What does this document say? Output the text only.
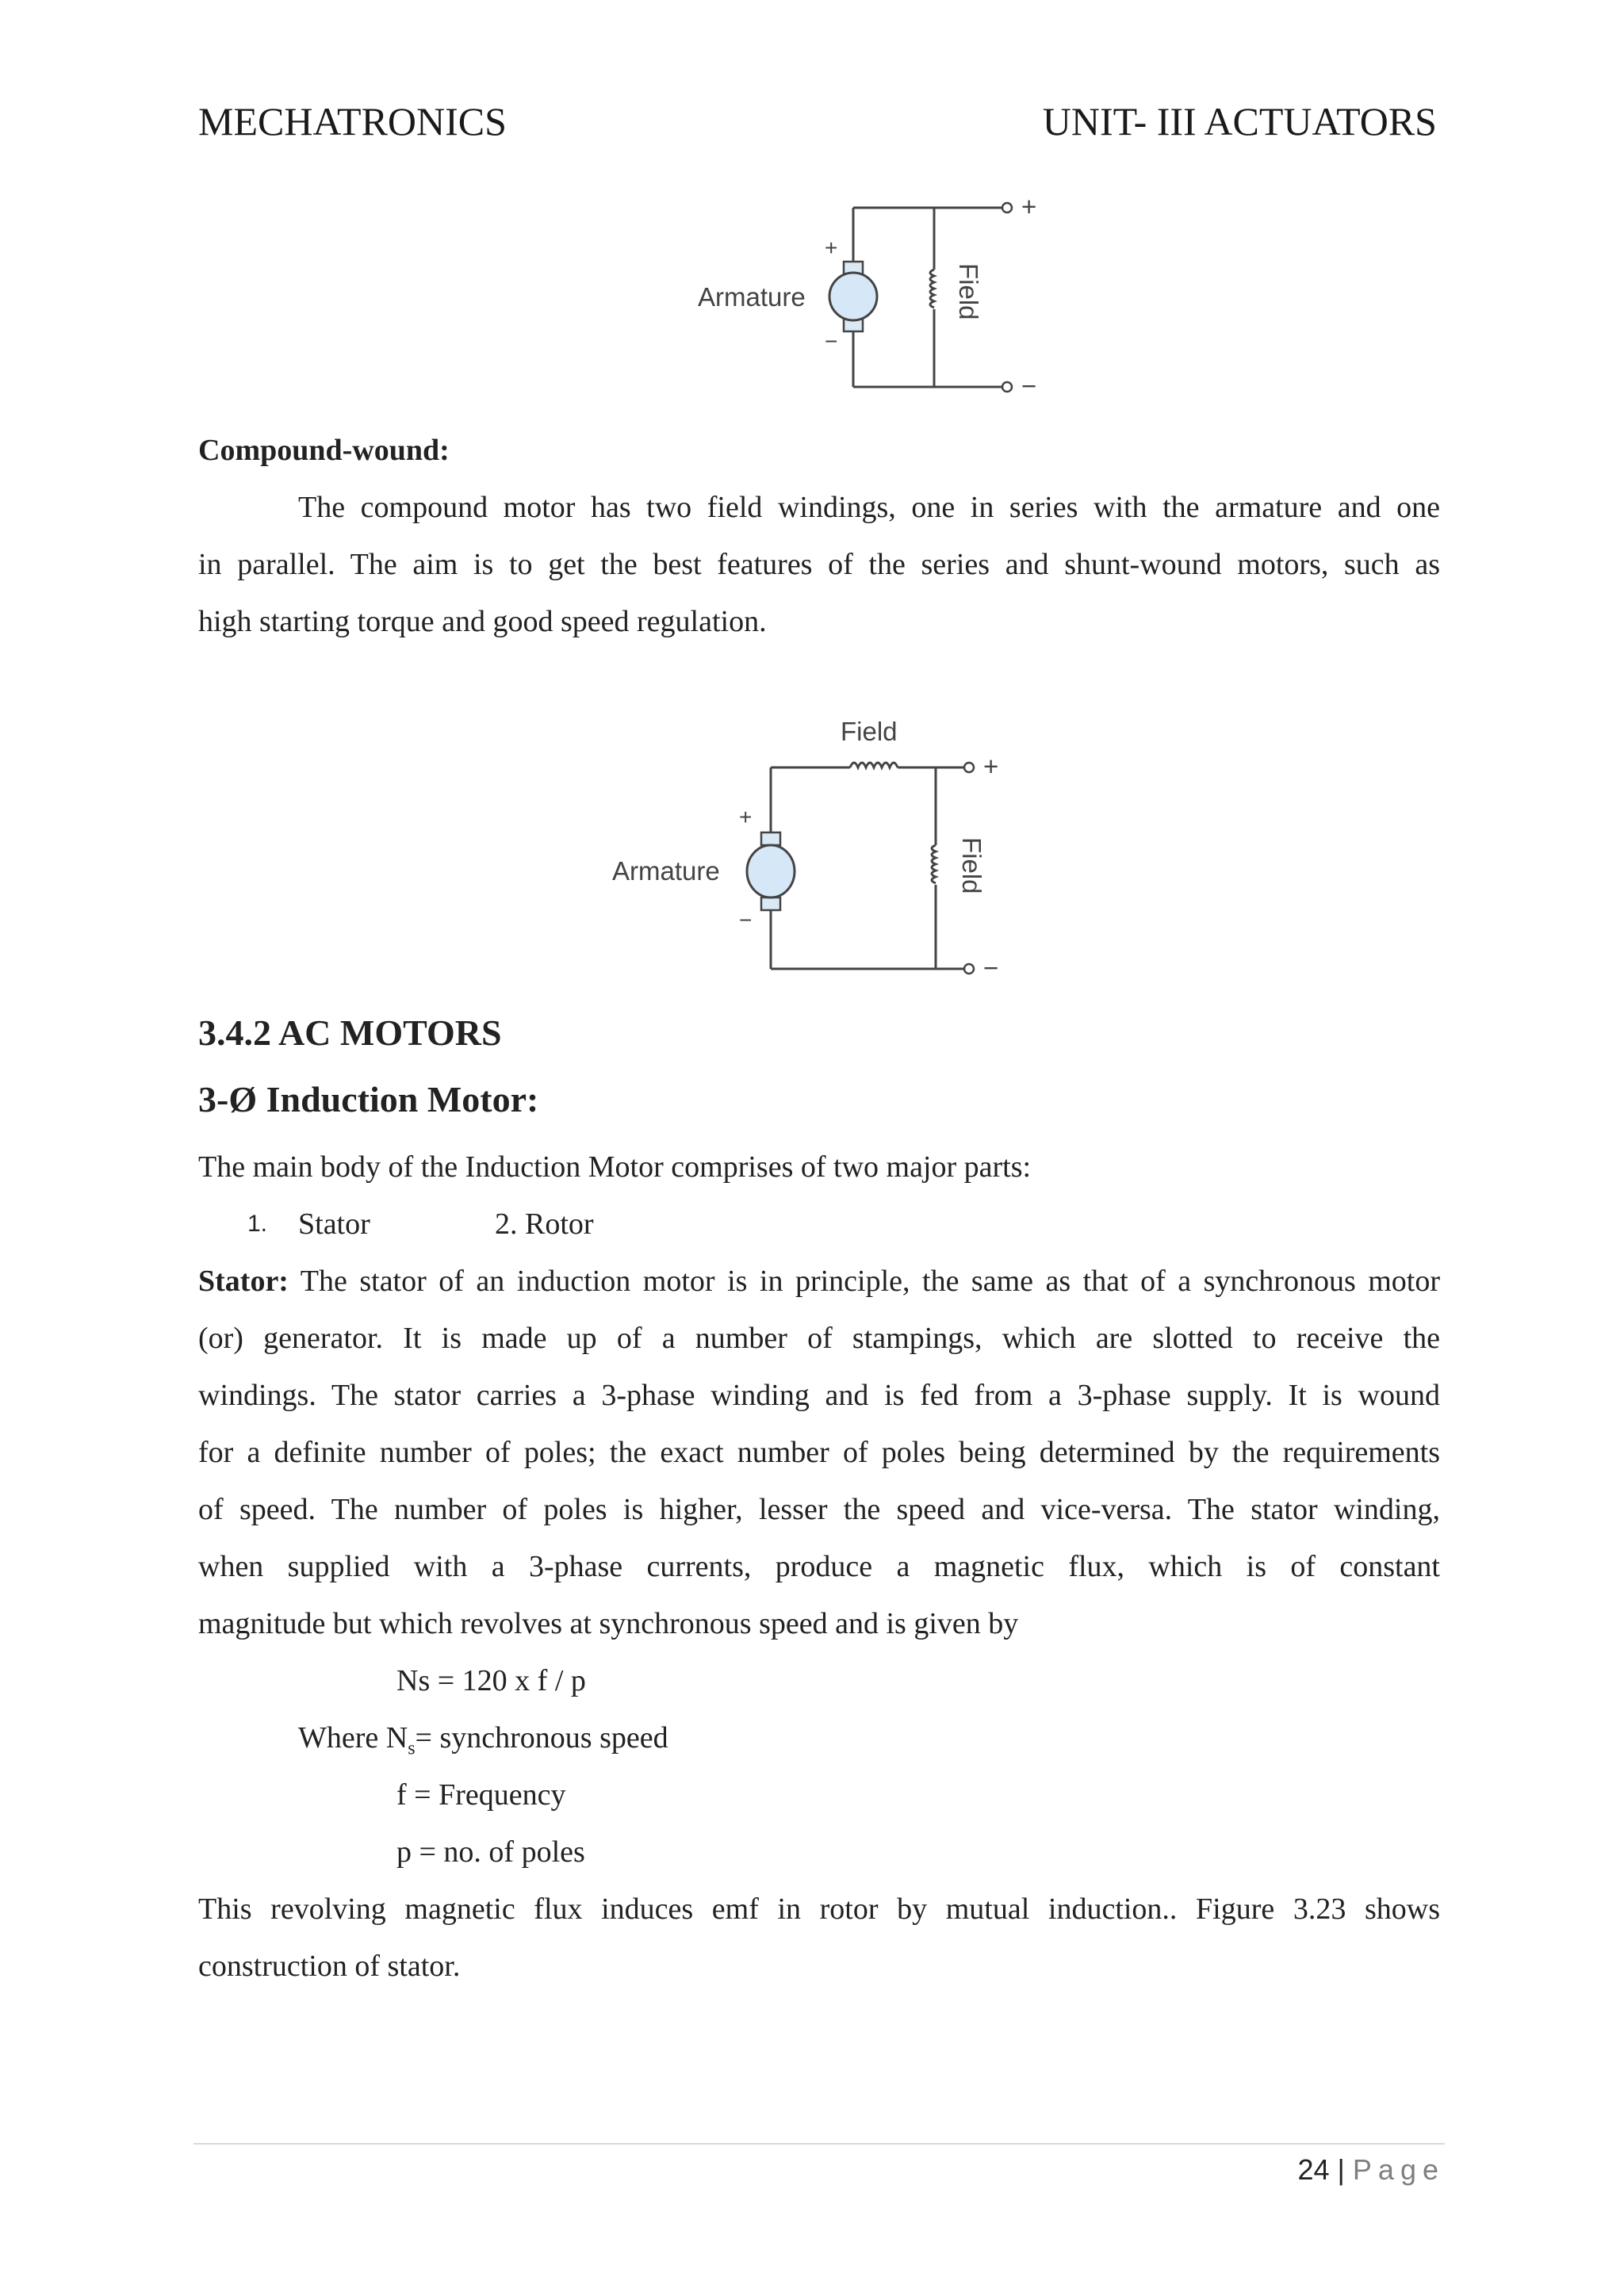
MECHATRONICS	UNIT- III ACTUATORS
+
−
+
−
Armature	Field
Compound-wound:
The compound motor has two field windings, one in series with the armature and one
in parallel. The aim is to get the best features of the series and shunt-wound motors, such as
high starting torque and good speed regulation.
+
−
+
−
Field
Armature	Field
3.4.2 AC MOTORS
3-Ø Induction Motor:
The main body of the Induction Motor comprises of two major parts:
1. Stator	2. Rotor
Stator: The stator of an induction motor is in principle, the same as that of a synchronous motor
(or) generator. It is made up of a number of stampings, which are slotted to receive the
windings. The stator carries a 3-phase winding and is fed from a 3-phase supply. It is wound
for a definite number of poles; the exact number of poles being determined by the requirements
of speed. The number of poles is higher, lesser the speed and vice-versa. The stator winding,
when supplied with a 3-phase currents, produce a magnetic flux, which is of constant
magnitude but which revolves at synchronous speed and is given by
Ns = 120 x f / p
Where $N_s=$ synchronous speed
f = Frequency
p = no. of poles
This revolving magnetic flux induces emf in rotor by mutual induction.. Figure 3.23 shows
construction of stator.
24 | Page
